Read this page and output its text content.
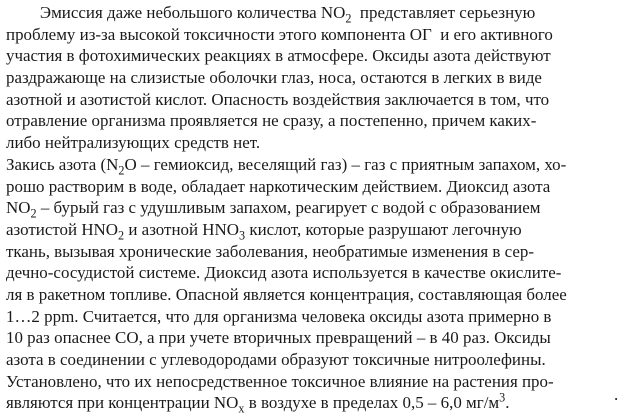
Эмиссия даже небольшого количества $NO_2$  представляет серьезную
проблему из-за высокой токсичности этого компонента ОГ  и его активного
участия в фотохимических реакциях в атмосфере. Оксиды азота действуют
раздражающе на слизистые оболочки глаз, носа, остаются в легких в виде
азотной и азотистой кислот. Опасность воздействия заключается в том, что
отравление организма проявляется не сразу, а постепенно, причем каких-
либо нейтрализующих средств нет.
Закись азота ($N_2O$ – гемиоксид, веселящий газ) – газ с приятным запахом, хо-
рошо растворим в воде, обладает наркотическим действием. Диоксид азота
$NO_2$ – бурый газ с удушливым запахом, реагирует с водой с образованием
азотистой $HNO_2$ и азотной $HNO_3$ кислот, которые разрушают легочную
ткань, вызывая хронические заболевания, необратимые изменения в сер-
дечно-сосудистой системе. Диоксид азота используется в качестве окислите-
ля в ракетном топливе. Опасной является концентрация, составляющая более
1…2 ppm. Считается, что для организма человека оксиды азота примерно в
10 раз опаснее СО, а при учете вторичных превращений – в 40 раз. Оксиды
азота в соединении с углеводородами образуют токсичные нитроолефины.
Установлено, что их непосредственное токсичное влияние на растения про-
являются при концентрации $NO_x$ в воздухе в пределах 0,5 – 6,0 $мг/м^3$.	.
